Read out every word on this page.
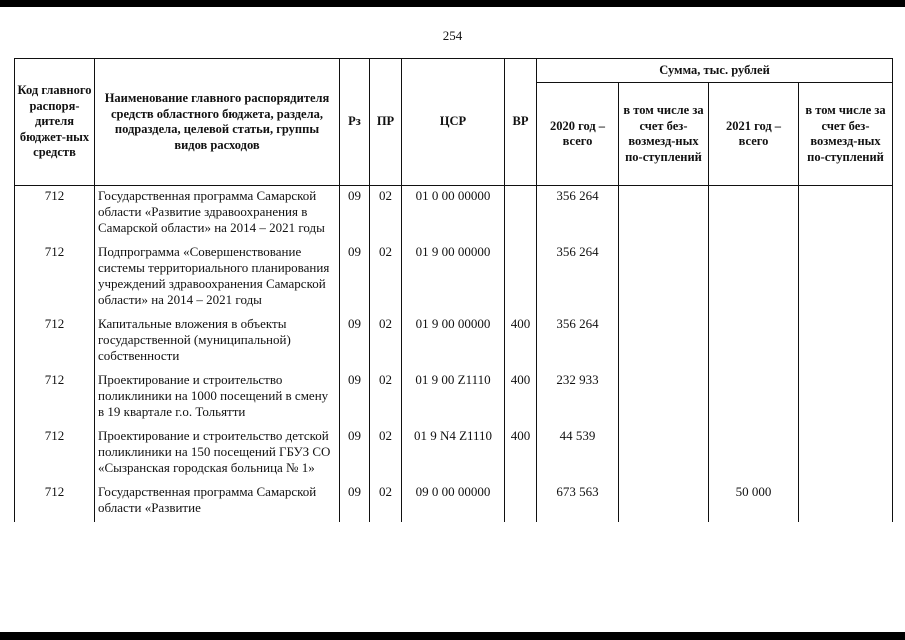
254
Код главного распоря-дителя бюджет-ных средств	Наименование главного распорядителя средств областного бюджета, раздела, подраздела, целевой статьи, группы видов расходов	Рз	ПР	ЦСР	ВР	Сумма, тыс. рублей			
						2020 год – всего	в том числе за счет без-возмезд-ных по-ступлений	2021 год – всего	в том числе за счет без-возмезд-ных по-ступлений
712	Государственная программа Самарской области «Развитие здравоохранения в Самарской области» на 2014 – 2021 годы	09	02	01 0 00 00000		356 264			
712	Подпрограмма «Совершенствование системы территориального планирования учреждений здравоохранения Самарской области» на 2014 – 2021 годы	09	02	01 9 00 00000		356 264			
712	Капитальные вложения в объекты государственной (муниципальной) собственности	09	02	01 9 00 00000	400	356 264			
712	Проектирование и строительство поликлиники на 1000 посещений в смену в 19 квартале г.о. Тольятти	09	02	01 9 00 Z1110	400	232 933			
712	Проектирование и строительство детской поликлиники на 150 посещений ГБУЗ СО «Сызранская городская больница № 1»	09	02	01 9 N4 Z1110	400	44 539			
712	Государственная программа Самарской области «Развитие	09	02	09 0 00 00000		673 563		50 000	
